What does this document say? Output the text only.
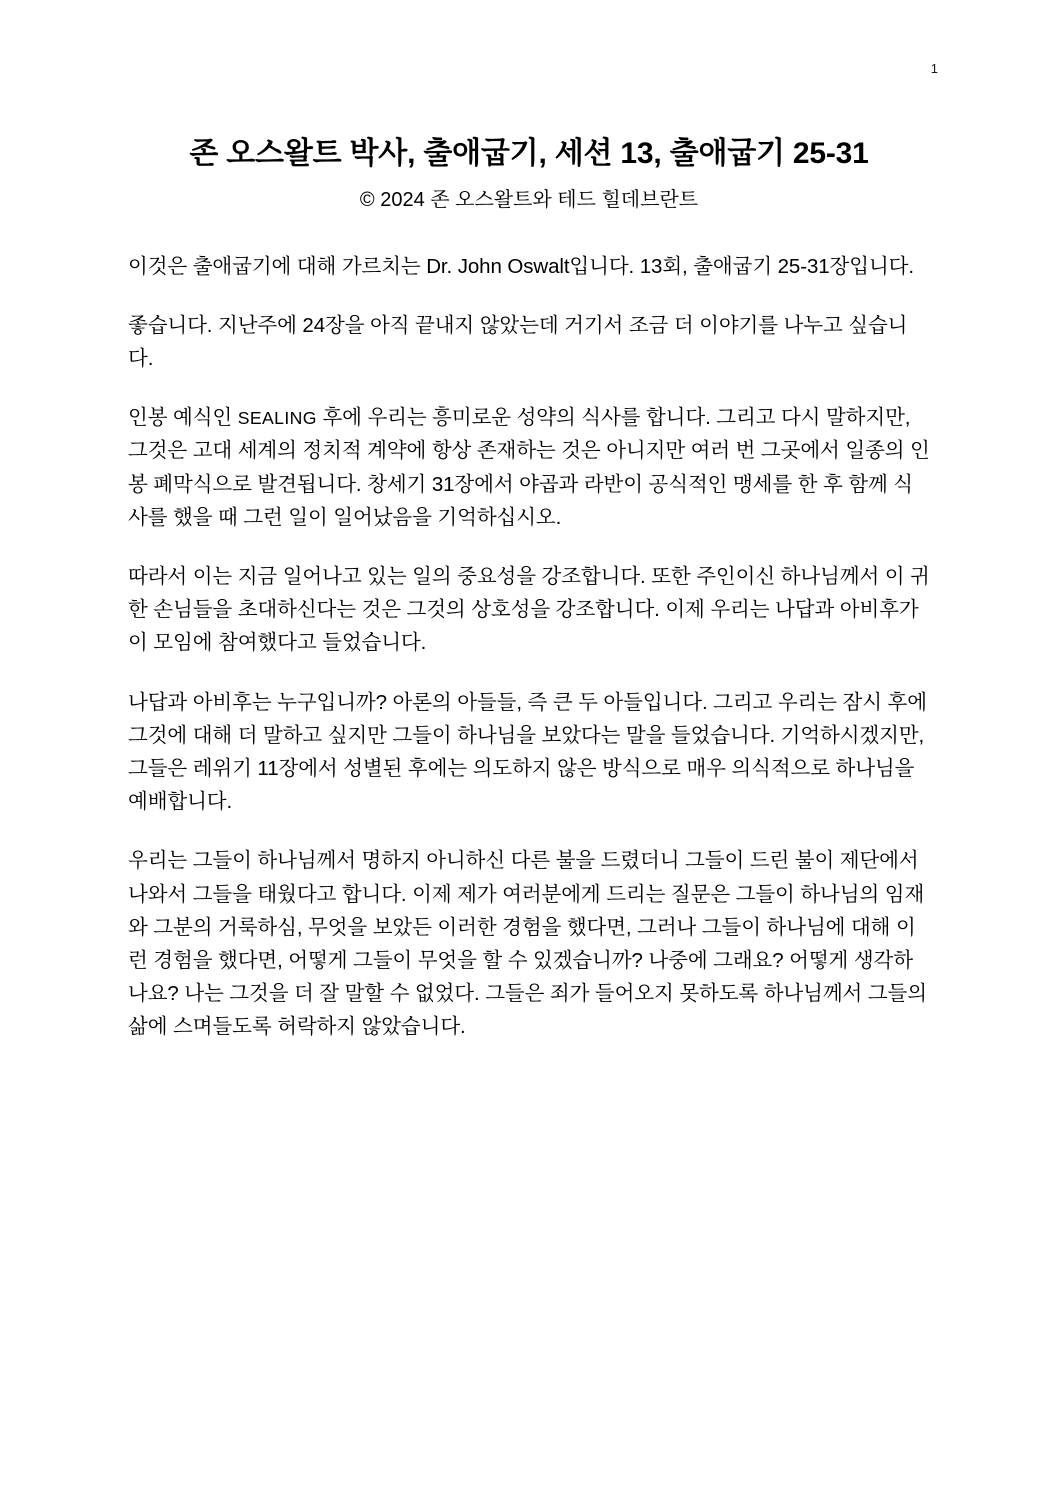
1
존 오스왈트 박사, 출애굽기, 세션 13, 출애굽기 25-31
© 2024 존 오스왈트와 테드 힐데브란트

이것은 출애굽기에 대해 가르치는 Dr. John Oswalt입니다. 13회, 출애굽기 25-31장입니다.

좋습니다. 지난주에 24장을 아직 끝내지 않았는데 거기서 조금 더 이야기를 나누고 싶습니다.

인봉 예식인 SEALING 후에 우리는 흥미로운 성약의 식사를 합니다. 그리고 다시 말하지만, 그것은 고대 세계의 정치적 계약에 항상 존재하는 것은 아니지만 여러 번 그곳에서 일종의 인봉 폐막식으로 발견됩니다. 창세기 31장에서 야곱과 라반이 공식적인 맹세를 한 후 함께 식사를 했을 때 그런 일이 일어났음을 기억하십시오.

따라서 이는 지금 일어나고 있는 일의 중요성을 강조합니다. 또한 주인이신 하나님께서 이 귀한 손님들을 초대하신다는 것은 그것의 상호성을 강조합니다. 이제 우리는 나답과 아비후가 이 모임에 참여했다고 들었습니다.

나답과 아비후는 누구입니까? 아론의 아들들, 즉 큰 두 아들입니다. 그리고 우리는 잠시 후에 그것에 대해 더 말하고 싶지만 그들이 하나님을 보았다는 말을 들었습니다. 기억하시겠지만, 그들은 레위기 11장에서 성별된 후에는 의도하지 않은 방식으로 매우 의식적으로 하나님을 예배합니다.

우리는 그들이 하나님께서 명하지 아니하신 다른 불을 드렸더니 그들이 드린 불이 제단에서 나와서 그들을 태웠다고 합니다. 이제 제가 여러분에게 드리는 질문은 그들이 하나님의 임재와 그분의 거룩하심, 무엇을 보았든 이러한 경험을 했다면, 그러나 그들이 하나님에 대해 이런 경험을 했다면, 어떻게 그들이 무엇을 할 수 있겠습니까? 나중에 그래요? 어떻게 생각하나요? 나는 그것을 더 잘 말할 수 없었다. 그들은 죄가 들어오지 못하도록 하나님께서 그들의 삶에 스며들도록 허락하지 않았습니다.
